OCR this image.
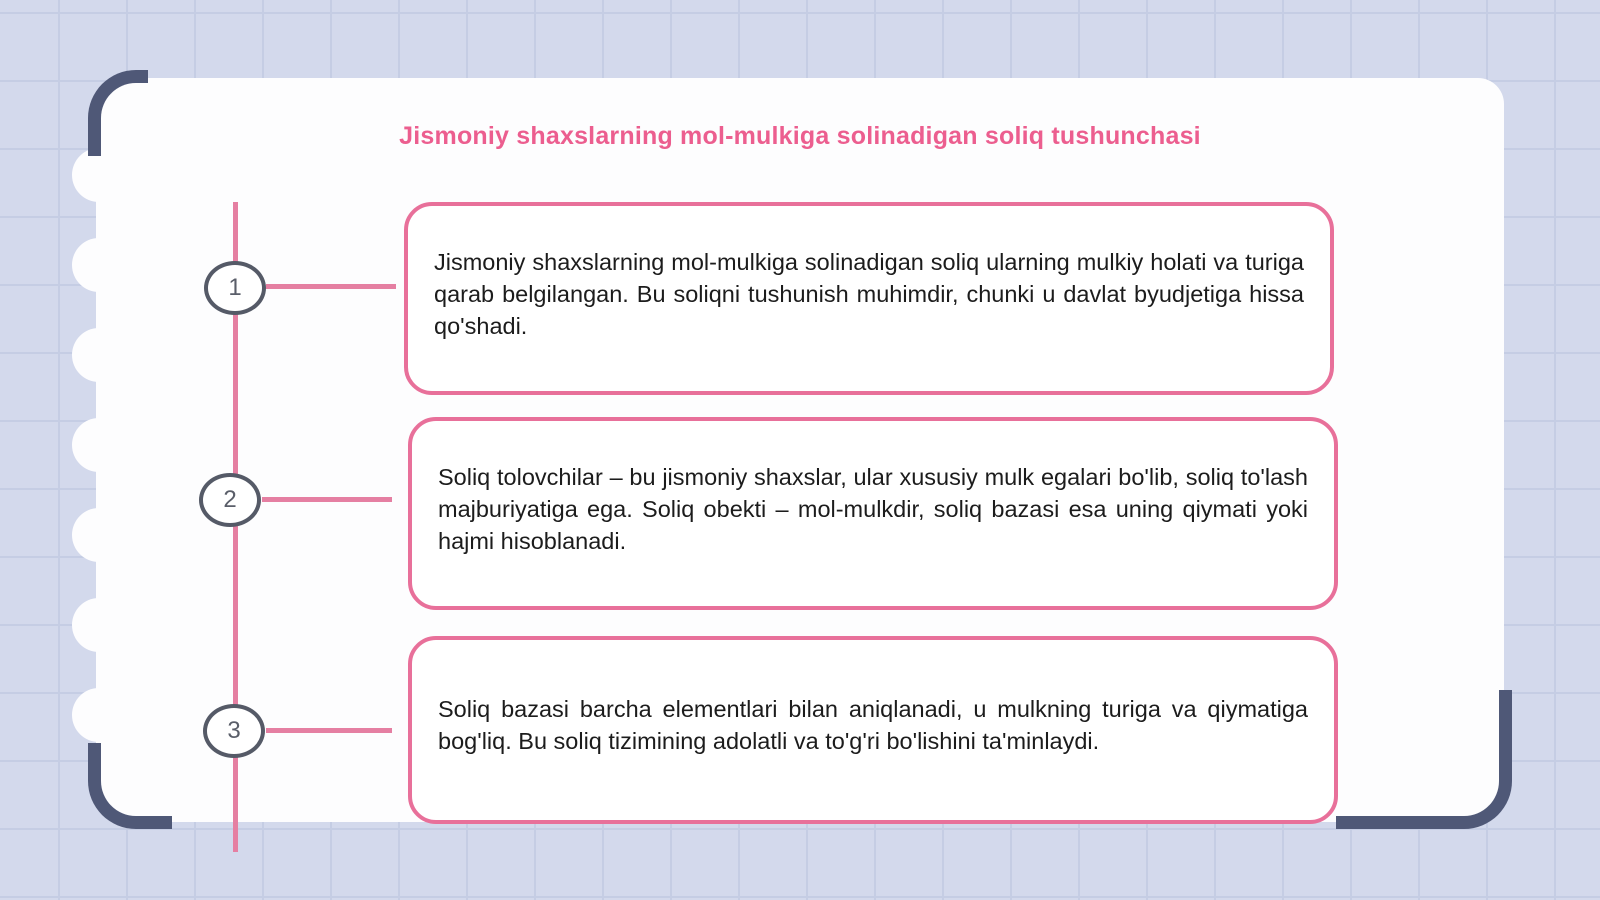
Jismoniy shaxslarning mol-mulkiga solinadigan soliq tushunchasi
1
2
3

Jismoniy shaxslarning mol-mulkiga solinadigan soliq ularning mulkiy holati va turiga qarab belgilangan. Bu soliqni tushunish muhimdir, chunki u davlat byudjetiga hissa qo'shadi.

Soliq tolovchilar – bu jismoniy shaxslar, ular xususiy mulk egalari bo'lib, soliq to'lash majburiyatiga ega. Soliq obekti – mol-mulkdir, soliq bazasi esa uning qiymati yoki hajmi hisoblanadi.

Soliq bazasi barcha elementlari bilan aniqlanadi, u mulkning turiga va qiymatiga bog'liq. Bu soliq tizimining adolatli va to'g'ri bo'lishini ta'minlaydi.
